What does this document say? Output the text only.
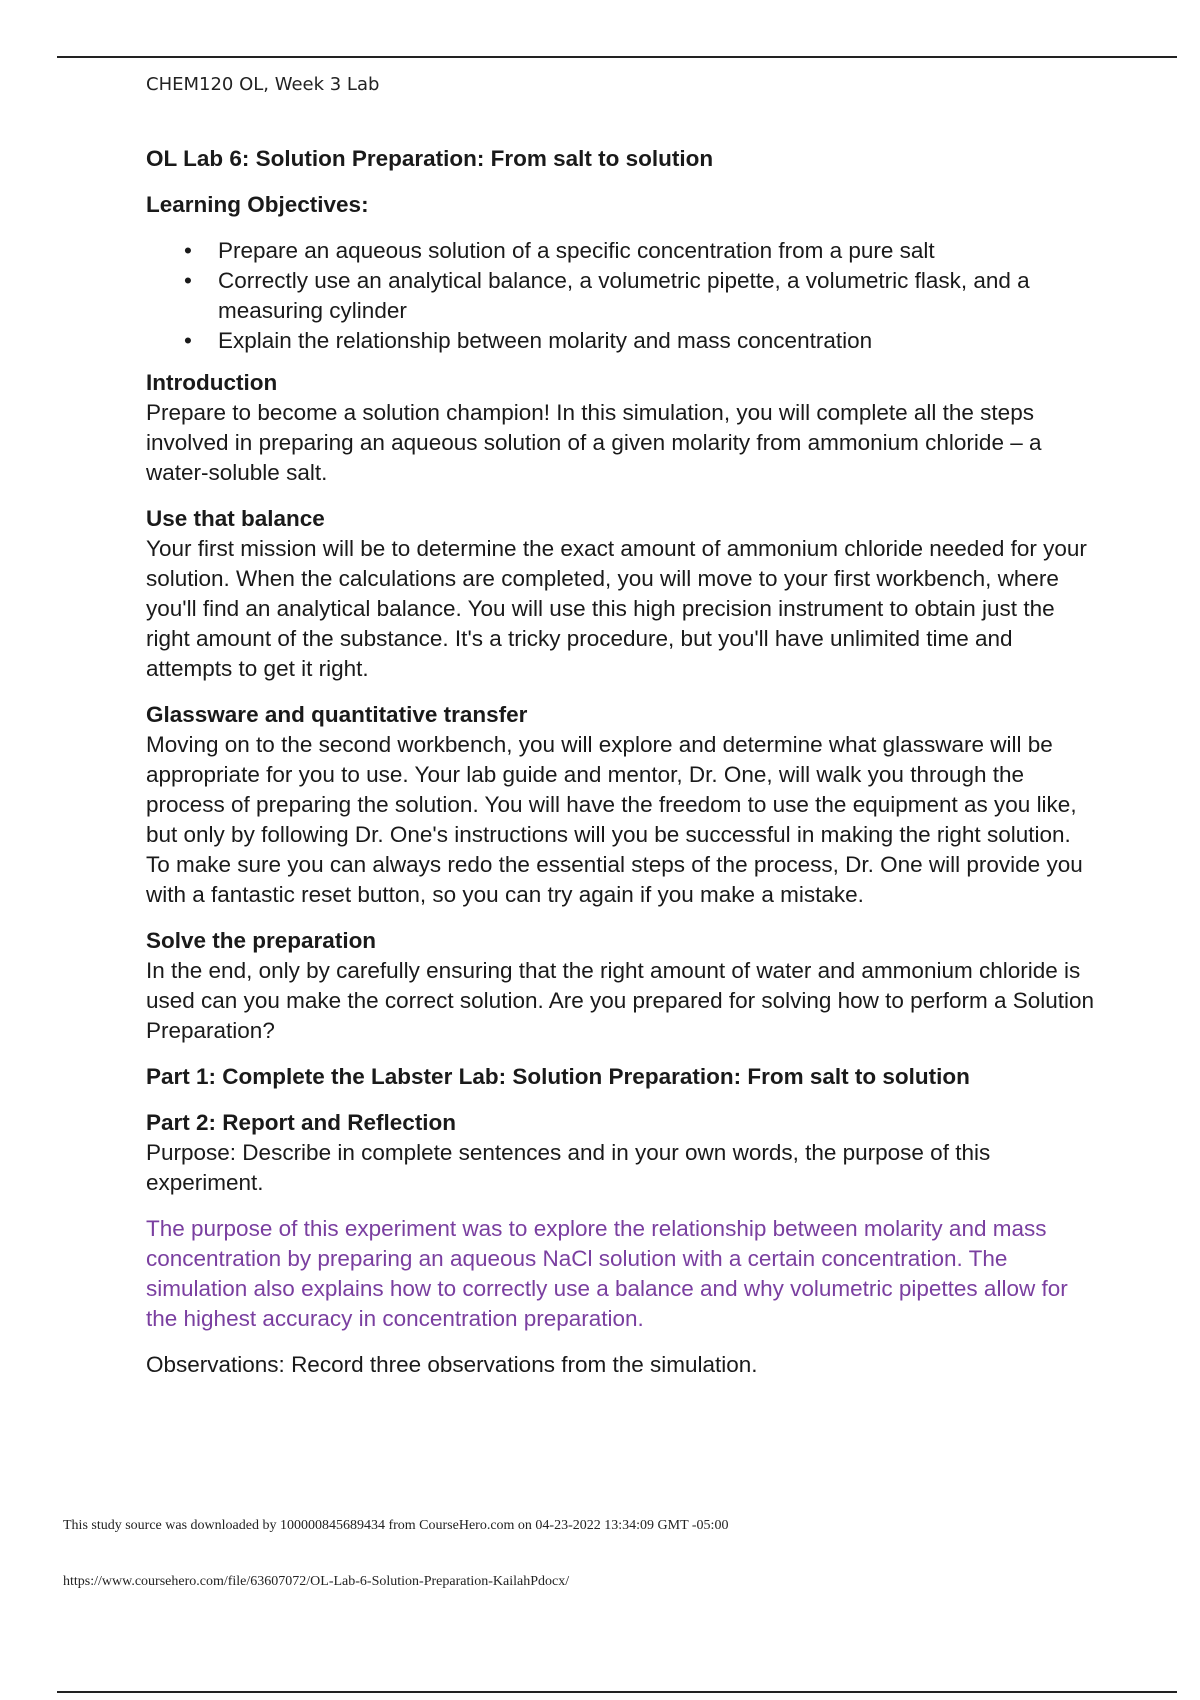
CHEM120 OL, Week 3 Lab

OL Lab 6: Solution Preparation: From salt to solution

Learning Objectives:

• Prepare an aqueous solution of a specific concentration from a pure salt
• Correctly use an analytical balance, a volumetric pipette, a volumetric flask, and a measuring cylinder
• Explain the relationship between molarity and mass concentration

Introduction

Prepare to become a solution champion! In this simulation, you will complete all the steps involved in preparing an aqueous solution of a given molarity from ammonium chloride – a water-soluble salt.

Use that balance

Your first mission will be to determine the exact amount of ammonium chloride needed for your solution. When the calculations are completed, you will move to your first workbench, where you'll find an analytical balance. You will use this high precision instrument to obtain just the right amount of the substance. It's a tricky procedure, but you'll have unlimited time and attempts to get it right.

Glassware and quantitative transfer

Moving on to the second workbench, you will explore and determine what glassware will be appropriate for you to use. Your lab guide and mentor, Dr. One, will walk you through the process of preparing the solution. You will have the freedom to use the equipment as you like, but only by following Dr. One's instructions will you be successful in making the right solution. To make sure you can always redo the essential steps of the process, Dr. One will provide you with a fantastic reset button, so you can try again if you make a mistake.

Solve the preparation

In the end, only by carefully ensuring that the right amount of water and ammonium chloride is used can you make the correct solution. Are you prepared for solving how to perform a Solution Preparation?

Part 1: Complete the Labster Lab: Solution Preparation: From salt to solution

Part 2: Report and Reflection

Purpose: Describe in complete sentences and in your own words, the purpose of this experiment.

The purpose of this experiment was to explore the relationship between molarity and mass concentration by preparing an aqueous NaCl solution with a certain concentration. The simulation also explains how to correctly use a balance and why volumetric pipettes allow for the highest accuracy in concentration preparation.

Observations: Record three observations from the simulation.

This study source was downloaded by 100000845689434 from CourseHero.com on 04-23-2022 13:34:09 GMT -05:00
https://www.coursehero.com/file/63607072/OL-Lab-6-Solution-Preparation-KailahPdocx/
